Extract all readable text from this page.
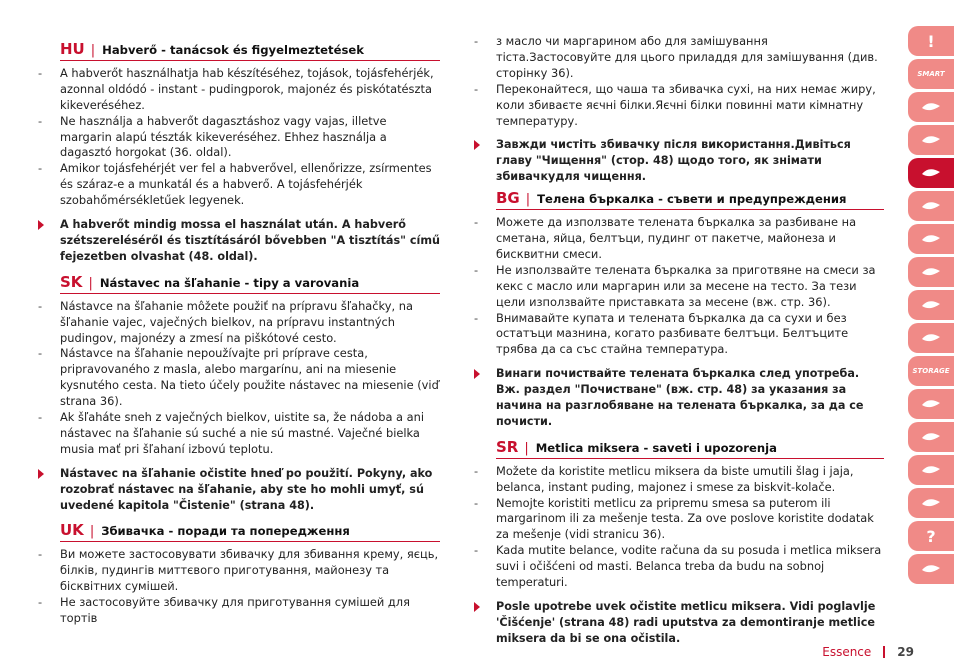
HU | Habverő - tanácsok és figyelmeztetések
- A habverőt használhatja hab készítéséhez, tojások, tojásfehérjék, azonnal oldódó - instant - pudingporok, majonéz és piskótatészta kikeveréséhez.
- Ne használja a habverőt dagasztáshoz vagy vajas, illetve margarin alapú tészták kikeveréséhez. Ehhez használja a dagasztó horgokat (36. oldal).
- Amikor tojásfehérjét ver fel a habverővel, ellenőrizze, zsírmentes és száraz-e a munkatál és a habverő. A tojásfehérjék szobahőmérsékletűek legyenek.
A habverőt mindig mossa el használat után. A habverő szétszerelésérőI és tisztításáról bővebben "A tisztítás" című fejezetben olvashat (48. oldal).
SK | Nástavec na šľahanie - tipy a varovania
- Nástavce na šľahanie môžete použiť na prípravu šľahačky, na šľahanie vajec, vaječných bielkov, na prípravu instantných pudingov, majonézy a zmesí na piškótové cesto.
- Nástavce na šľahanie nepoužívajte pri príprave cesta, pripravovaného z masla, alebo margarínu, ani na miesenie kysnutého cesta. Na tieto účely použite nástavec na miesenie (viď strana 36).
- Ak šľaháte sneh z vaječných bielkov, uistite sa, že nádoba a ani nástavec na šľahanie sú suché a nie sú mastné. Vaječné bielka musia mať pri šľahaní izbovú teplotu.
Nástavec na šľahanie očistite hneď po použití. Pokyny, ako rozobrať nástavec na šľahanie, aby ste ho mohli umyť, sú uvedené kapitola "Čistenie" (strana 48).
UK | Збивачка - поради та попередження
- Ви можете застосовувати збивачку для збивання кремy, яєць, білків, пудингів миттєвого приготування, майонезу та бісквітних сумішей.
- Не застосовуйте збивачку для приготування сумішей для тортів
- з масло чи маргарином або для замішування тіста.Застосовуйте для цього приладдя для замішування (див. сторінку 36).
- Переконайтеся, що чаша та збивачка сухі, на них немає жиру, коли збиваєте яєчні білки.Яєчні білки повинні мати кімнатну температуру.
Завжди чистіть збивачку після використання.Дивіться главу "Чищення" (стор. 48) щодо того, як знімати збивачкудля чищення.
BG | Телена бъркалка - съвети и предупреждения
- Можете да използвате телената бъркалка за разбиване на сметана, яйца, белтъци, пудинг от пакетче, майонеза и бисквитни смеси.
- Не използвайте телената бъркалка за приготвяне на смеси за кекс с масло или маргарин или за месене на тесто. За тези цели използвайте приставката за месене (вж. стр. 36).
- Внимавайте купата и телената бъркалка да са сухи и без остатъци мазнина, когато разбивате белтъци. Белтъците трябва да са със стайна температура.
Винаги почиствайте телената бъркалка след употреба. Вж. раздел "Почистване" (вж. стр. 48) за указания за начина на разглобяване на телената бъркалка, за да се почисти.
SR | Metlica miksera - saveti i upozorenja
- Možete da koristite metlicu miksera da biste umutili šlag i jaja, belanca, instant puding, majonez i smese za biskvit-kolače.
- Nemojte koristiti metlicu za pripremu smesa sa puterom ili margarinom ili za mešenje testa. Za ove poslove koristite dodatak za mešenje (vidi stranicu 36).
- Kada mutite belance, vodite računa da su posuda i metlica miksera suvi i očišćeni od masti. Belanca treba da budu na sobnoj temperaturi.
Posle upotrebe uvek očistite metlicu miksera. Vidi poglavlje 'Čišćenje' (strana 48) radi uputstva za demontiranje metlice miksera da bi se ona očistila.
!
SMART
STORAGE
?
Essence 29
